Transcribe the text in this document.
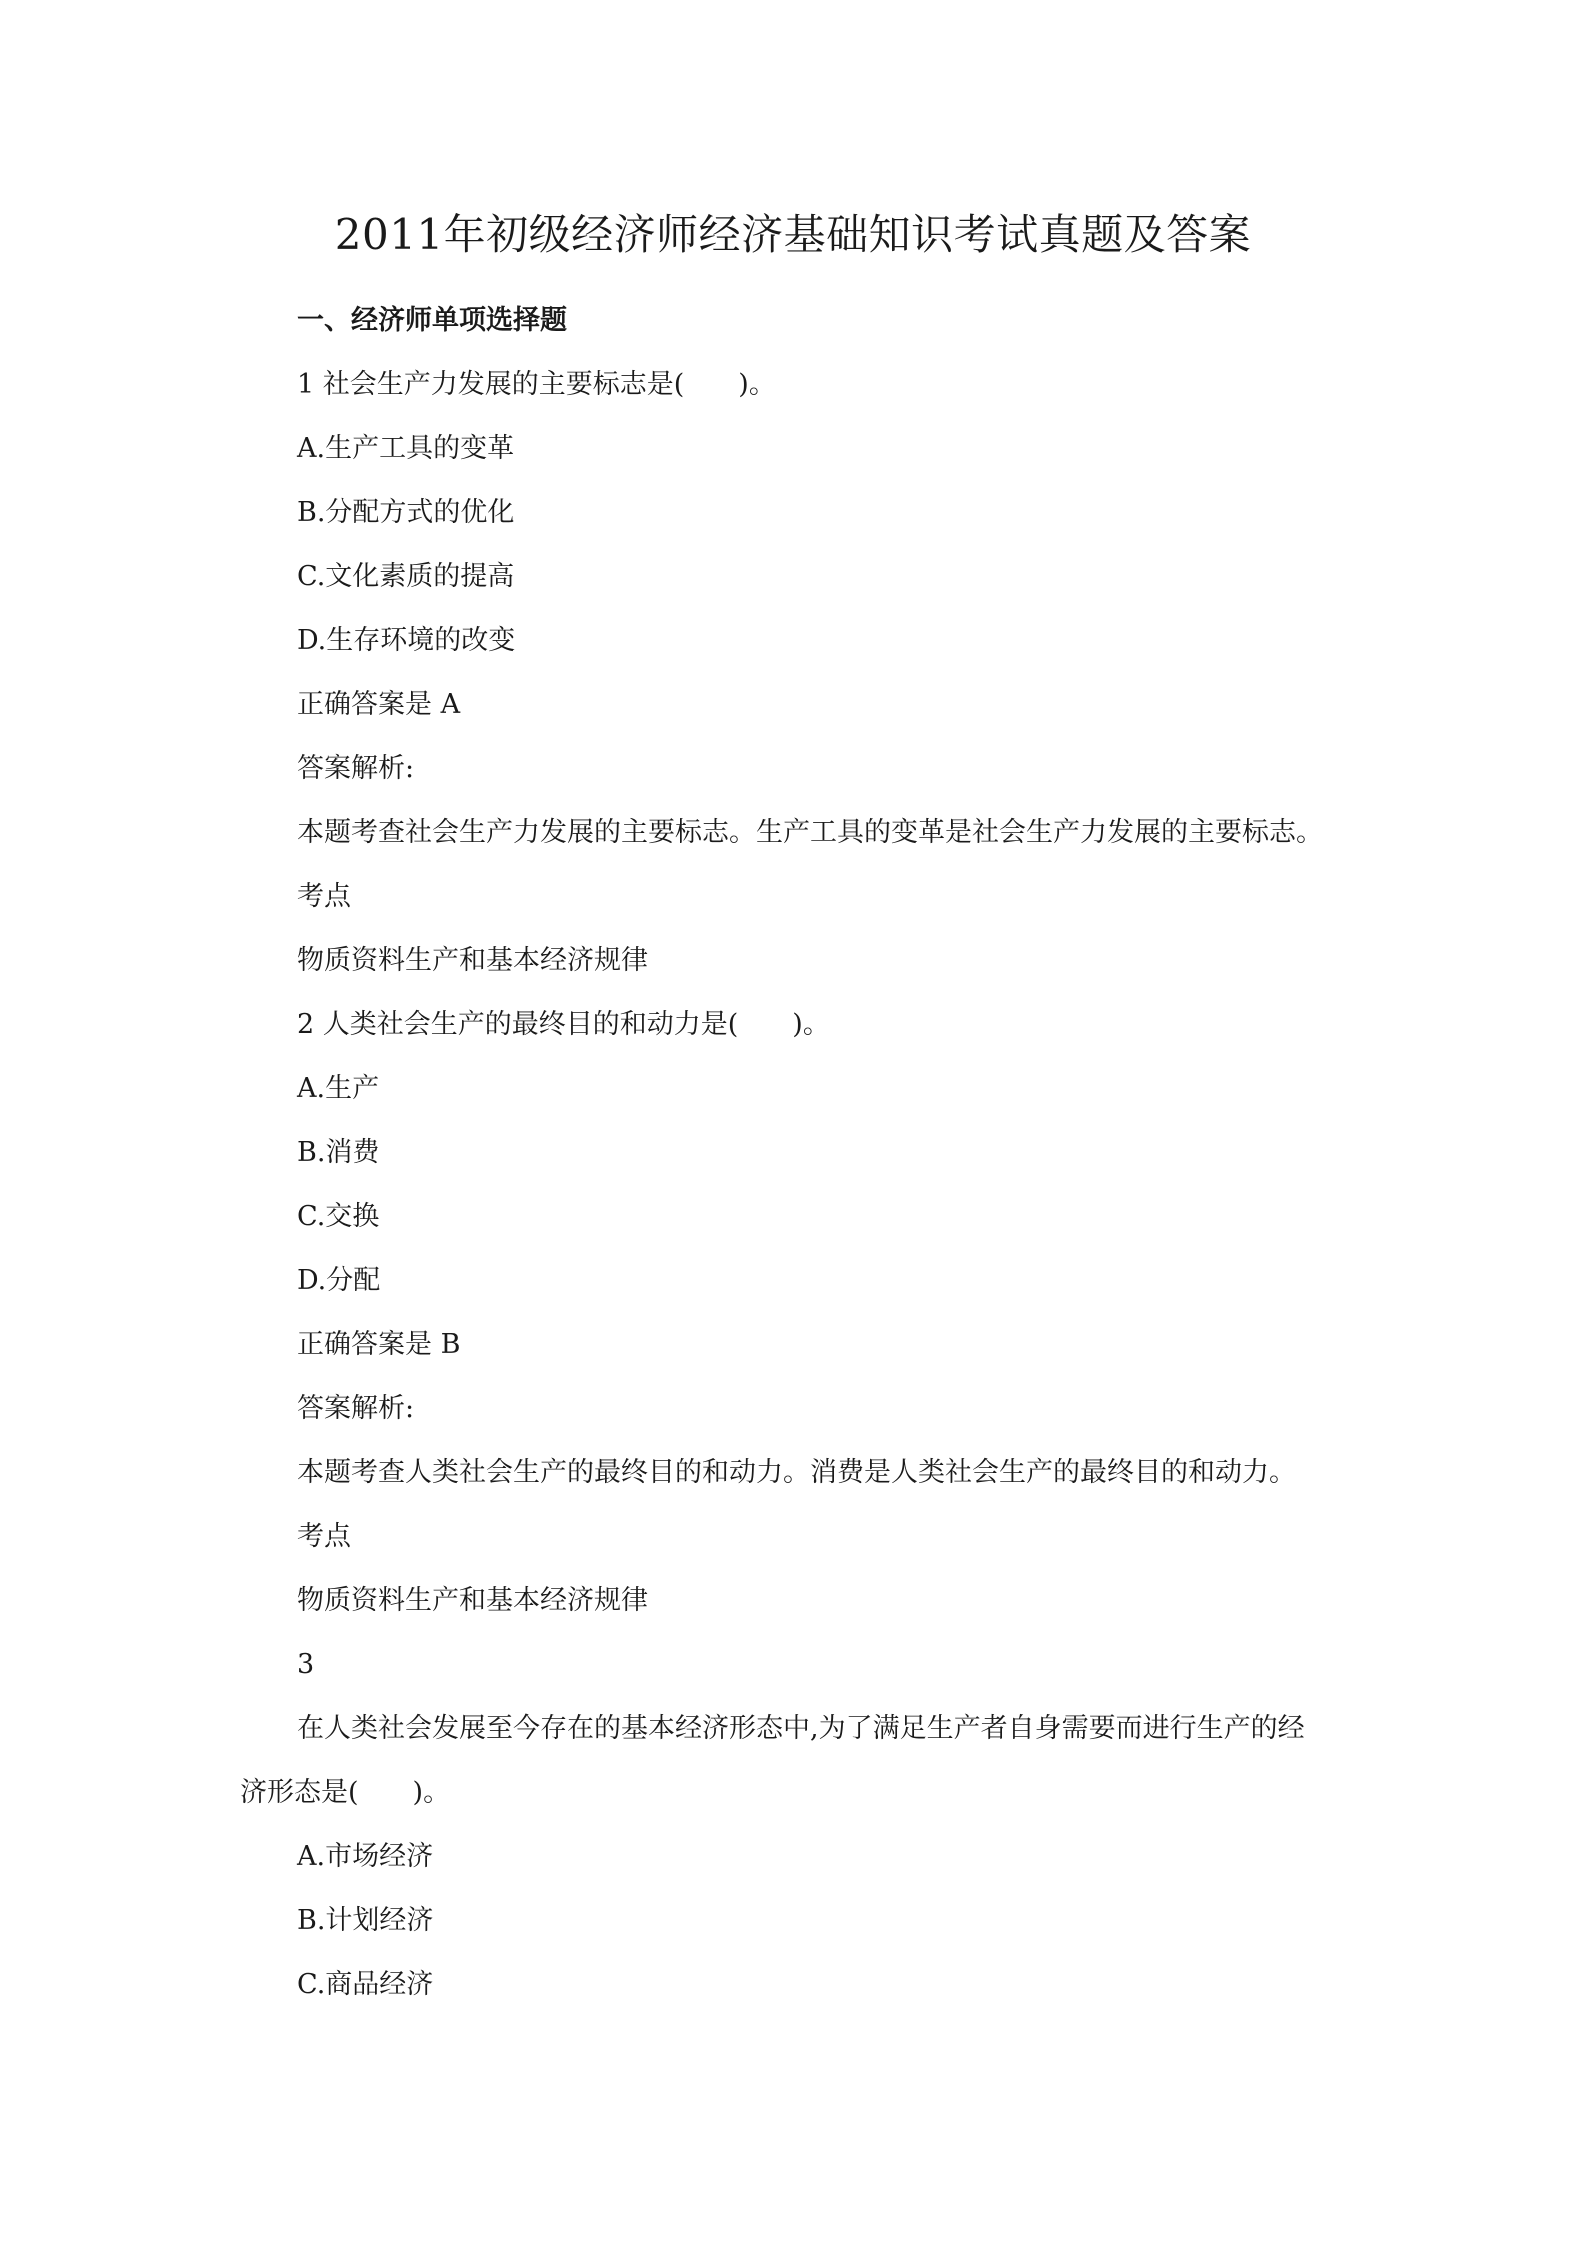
2011年初级经济师经济基础知识考试真题及答案
一、经济师单项选择题
1 社会生产力发展的主要标志是(　　)。
A.生产工具的变革
B.分配方式的优化
C.文化素质的提高
D.生存环境的改变
正确答案是 A
答案解析:
本题考查社会生产力发展的主要标志。生产工具的变革是社会生产力发展的主要标志。
考点
物质资料生产和基本经济规律
2 人类社会生产的最终目的和动力是(　　)。
A.生产
B.消费
C.交换
D.分配
正确答案是 B
答案解析:
本题考查人类社会生产的最终目的和动力。消费是人类社会生产的最终目的和动力。
考点
物质资料生产和基本经济规律
3
在人类社会发展至今存在的基本经济形态中,为了满足生产者自身需要而进行生产的经
济形态是(　　)。
A.市场经济
B.计划经济
C.商品经济
